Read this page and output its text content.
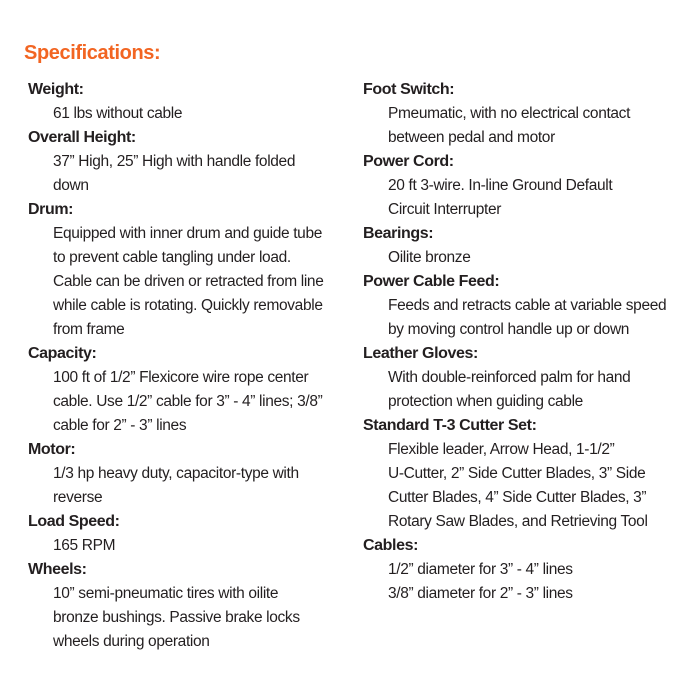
Specifications:
Weight:
61 lbs without cable
Overall Height:
37” High, 25” High with handle folded
down
Drum:
Equipped with inner drum and guide tube
to prevent cable tangling under load.
Cable can be driven or retracted from line
while cable is rotating. Quickly removable
from frame
Capacity:
100 ft of 1/2” Flexicore wire rope center
cable. Use 1/2” cable for 3” - 4” lines; 3/8”
cable for 2” - 3” lines
Motor:
1/3 hp heavy duty, capacitor-type with
reverse
Load Speed:
165 RPM
Wheels:
10” semi-pneumatic tires with oilite
bronze bushings. Passive brake locks
wheels during operation
Foot Switch:
Pmeumatic, with no electrical contact
between pedal and motor
Power Cord:
20 ft 3-wire. In-line Ground Default
Circuit Interrupter
Bearings:
Oilite bronze
Power Cable Feed:
Feeds and retracts cable at variable speed
by moving control handle up or down
Leather Gloves:
With double-reinforced palm for hand
protection when guiding cable
Standard T-3 Cutter Set:
Flexible leader, Arrow Head, 1-1/2”
U-Cutter, 2” Side Cutter Blades, 3” Side
Cutter Blades, 4” Side Cutter Blades, 3”
Rotary Saw Blades, and Retrieving Tool
Cables:
1/2” diameter for 3” - 4” lines
3/8” diameter for 2” - 3” lines
